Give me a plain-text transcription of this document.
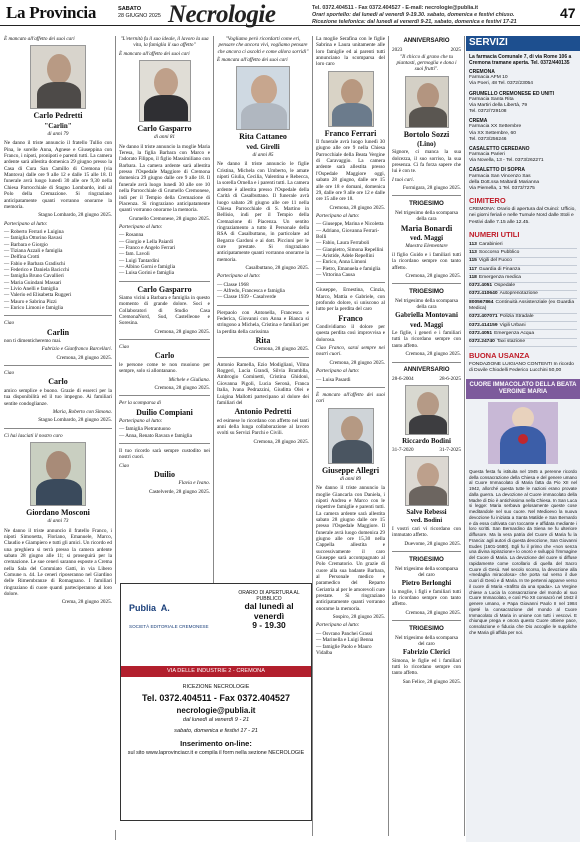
La Provincia	SABATO
28 GIUGNO 2025 Necrologie	Tel. 0372.404511 - Fax 0372.404527 - E-mail: necrologie@publia.it
Orari sportello: dal lunedì al venerdì 9-19.30. sabato, domenica e festivi chiuso.
Ricezione telefonica: dal lunedì al venerdì 9-21, sabato, domenica e festivi 17-21
47

È mancato all'affetto dei suoi cari

Carlo Pedretti
"Carlin"
di anni 79

Ne danno il triste annuncio il fratello Tullio con Pina, le sorelle Anna, Agnese e Giuseppina con Franco, i nipoti, pronipoti e parenti tutti. La camera ardente sarà allestita domenica 29 giugno presso la Casa di Cura San Camillo di Cremona (via Mantova) dalle ore 9 alle 12 e dalle 15 alle 18. Il funerale avrà luogo lunedì 30 alle ore 9,30 nella Chiesa Parrocchiale di Stagno Lombardo, indi al Polo della Cremazione. Si ringraziano anticipatamente quanti vorranno onorarne la memoria.

Stagno Lombardo, 28 giugno 2025.

Partecipano al lutto:

— Roberto Ferrari e Luigina
— famiglia Ottorino Ravasi
— Barbara e Giorgio
— Tiziana Azzali e famiglia
— Delfina Crotti
— Fabio e Barbara Gradischi
— Federico e Daniela Bacicchi
— famiglia Bruno Cavallieri
— Maria Guindani Massari
— Livio Anelli e famiglia
— Valerio ed Elisabetta Ruggeri
— Mauro e Sabrina Pizzi
— Enrico Limoni e famiglia

Ciao

Carlin

non ti dimenticheremo mai.

Fabrizio e Gianfranco Barcellari.

Cremona, 28 giugno 2025.

Ciao

Carlo

amico semplice e buono. Grazie di esserci per la tua disponibilità ed il tuo impegno. Ai familiari sentite condoglianze.

Maria, Roberto con Simona.

Stagno Lombardo, 28 giugno 2025.

Ci hai lasciati il nostro caro

Giordano Mosconi
di anni 73

Ne danno il triste annuncio il fratello Franco, i nipoti Simonetta, Floriano, Emanuele, Marco, Claudio e Giampiero e tutti gli amici. Un ricordo ed una preghiera si terrà presso la camera ardente sabato 28 giugno alle 11; si proseguirà per la cremazione. Le sue ceneri saranno esposte a Crema nella Sala del Commiato Gatti, in via Libero Comune n. 44. Le ceneri riposeranno nel Giardino delle Rimembranze di Romagnano. I familiari ringraziano di cuore quanti parteciperanno al loro dolore.

Crema, 28 giugno 2025.

"L'eternità fu il suo ideale, il lavoro la sua vita, la famiglia il suo affetto"

È mancato all'affetto dei suoi cari

Carlo Gasparro
di anni 81

Ne danno il triste annuncio la moglie Maria Teresa, la figlia Barbara con Marco e l'adorato Filippo, il figlio Massimiliano con Barbara. La camera ardente sarà allestita presso l'Ospedale Maggiore di Cremona domenica 29 giugno dalle ore 9 alle 18. Il funerale avrà luogo lunedì 30 alle ore 10 nella Parrocchiale di Grumello Cremonese, indi per il Tempio della Cremazione di Piacenza. Si ringraziano anticipatamente quanti vorranno onorarne la memoria.

Grumello Cremonese, 28 giugno 2025.

Partecipano al lutto:

— Rosanna
— Giorgio e Lella Paiardi
— Franco e Angelo Ferrari
— fam. Lavoli
— Luigi Tantardini
— Albino Gorni e famiglia
— Luisa Gorini e famiglia
Carlo Gasparro

Siamo vicini a Barbara e famiglia in questo momento di grande dolore. Soci e Collaboratori di Studio Casa CremonaNord, Sud, Castelleone e Soresina.

Cremona, 28 giugno 2025.

Ciao

Carlo

le persone come te non muoiono per sempre, solo si allontanano.

Michele e Giuliana.

Cremona, 28 giugno 2025.

Per la scomparsa di

Duilio Compiani

Partecipano al lutto:

— famiglia Pietrantuono
— Anna, Renato Ravara e famiglia

Il tuo ricordo sarà sempre custodito nei nostri cuori.

Ciao

Duilio

Flavia e Ivano.

Castelverde, 28 giugno 2025.

"Vogliamo però ricordarti come eri, pensare che ancora vivi, vogliamo pensare che ancora ci ascolti e come allora sorridi"

È mancata all'affetto dei suoi cari

Rita Cattaneo
ved. Girelli
di anni 85

Ne danno il triste annuncio le figlie Cristina, Michela con Umberto, le amate nipoti Giulia, Cecilia, Valentina e Rebecca, la sorella Ornella e i parenti tutti. La camera ardente è allestita presso l'Ospedale della Carità di Casalbuttano. Il funerale avrà luogo sabato 28 giugno alle ore 11 nella Chiesa Parrocchiale di S. Martino in Bellisio, indi per il Tempio della Cremazione di Piacenza. Un sentito ringraziamento a tutto il Personale della RSA di Casalbuttano, in particolare ad Begarzo Gardoni e ai dott. Piccinni per le cure prestate. Si ringraziano anticipatamente quanti vorranno onorarne la memoria.

Casalbuttano, 28 giugno 2025.

Partecipano al lutto:

— Classe 1968
— Alfredo, Francesca e famiglia
— Classe 1939 - Casalverde

Pierpaolo con Antonella, Francesca e Federica, Giovanni con Anna e Bianca si stringono a Michela, Cristina e familiari per la perdita della carissima

Rita

Cremona, 28 giugno 2025.

Antonio Ramella, Ezio Modigliani, Vilma Roggeri, Lucia Grandi, Silvia Bramblla, Ambrogio Cominetti, Cristina Ghidoni, Giovanna Pigoli, Lucia Seronà, Franca Italia, Ivana Pedrazzini, Giuditta Olei e Luigina Mallotti partecipano al dolore dei familiari del

Antonio Pedretti

ed esimese lo ricordano con affetto nei tanti anni della lunga collaborazione al lavoro svolti su Servizi Parchi e Civili.

Cremona, 28 giugno 2025.

Publia A.
SOCIETÀ EDITORIALE CREMONESE
ORARIO DI APERTURA AL PUBBLICO
dal lunedì al venerdì
9 - 19.30
VIA DELLE INDUSTRIE 2 - CREMONA
RICEZIONE NECROLOGIE
Tel. 0372.404511 - Fax 0372.404527
necrologie@publia.it
dal lunedì al venerdì 9 - 21
sabato, domenica e festivi 17 - 21
Inserimento on-line:
sul sito www.laprovinciacr.it e compila il form nella sezione NECROLOGIE

La moglie Serafina con le figlie Sabrina e Laura unitamente alle loro famiglie ed ai parenti tutti annunciano la scomparsa del loro caro

Franco Ferrari

Il funerale avrà luogo lunedì 30 giugno alle ore 9 nella Chiesa Parrocchiale della Beata Vergine di Caravaggio. La camera ardente sarà allestita presso l'Ospedale Maggiore oggi, sabato 28 giugno, dalle ore 15 alle ore 18 e domani, domenica 29, dalle ore 9 alle ore 12 e dalle ore 15 alle ore 18.

Cremona, 28 giugno 2025.

Partecipano al lutto:

— Giuseppe, Marina e Nicoletta
— Adriano, Giovanna Ferrari-Bolli
— Fabio, Laura Ferraboli
— Gianpietro, Simona Repellini
— Aristide, Adele Repellini
— Enrico, Anna Limoni
— Pietro, Emanuela e famiglia
— Vittorina Causa

Giuseppe, Ernestina, Cinzia, Marco, Mattia e Gabriele, con profondo dolore, si uniscono al lutto per la perdita del caro

Franco

Condividiamo il dolore per questa perdita così improvvisa e dolorosa.

Ciao Franco, sarai sempre nei nostri cuori.

Cremona, 28 giugno 2025.

Partecipano al lutto:

— Luisa Pasardi

È mancato all'affetto dei suoi cari

Giuseppe Allegri
di anni 89

Ne danno il triste annuncio la moglie Giancarla con Daniela, i nipoti Andrea e Marco con le rispettive famiglie e parenti tutti. La camera ardente sarà allestita sabato 28 giugno dalle ore 15 presso l'Ospedale Maggiore. Il funerale avrà luogo domenica 29 giugno alle ore 15,30 nella Cappella allestita e successivamente il caro Giuseppe sarà accompagnato al Polo Crematorio. Un grazie di cuore alla sua badante Barbara, al Personale medico e paramedico del Reparto Geriatria al per le amorevoli cure prestate. Si ringraziano anticipatamente quanti vorranno onorarne la memoria.

Sospiro, 28 giugno 2025.

Partecipano al lutto:

— Osvrano Panchei Grassi
— Marinella e Luigi Benna
— famiglie Paolo e Mauro Vidalba
ANNIVERSARIO
2023	2025

"Il chicco di grano che tu piantasti, germoglia e dona i suoi frutti".

Bortolo Sozzi
(Lino)

Signore, ci manca la sua dolcezza, il suo sorriso, la sua presenza. Ci fa forza sapere che lui è con te.

I tuoi cari.

Formigara, 28 giugno 2025.

TRIGESIMO

Nel trigesimo della scomparsa della cara

Maria Bonardi
ved. Maggi

Maestra Elementare

il figlio Guido e i familiari tutti la ricordano sempre con tanto affetto.

Cremona, 28 giugno 2025.

TRIGESIMO

Nel trigesimo della scomparsa della cara

Gabriella Montovani
ved. Maggi

Le figlie, i generi e i familiari tutti la ricordano sempre con tanto affetto.

Cremona, 28 giugno 2025.

ANNIVERSARIO
28-6-2004	28-6-2025
Riccardo Bodini
31-7-2020	31-7-2025
Salve Rebessi
ved. Bodini

I vostri cari vi ricordano con immutato affetto.

Duevome, 28 giugno 2025.

TRIGESIMO

Nel trigesimo della scomparsa del caro

Pietro Berlonghi

la moglie, i figli e familiari tutti lo ricordano sempre con tanto affetto.

Cremona, 28 giugno 2025.

TRIGESIMO

Nel trigesimo della scomparsa del caro

Fabrizio Clerici

Simona, le figlie ed i familiari tutti lo ricordano sempre con tanto affetto.

San Felice, 28 giugno 2025.

SERVIZI
La farmacia Comunale 7, di via Rome 106 a Cremona tramane aperta. Tel. 0372/440135
CREMONA
Farmacia AFM 10
Via Poeri, 48 Tel. 0372/23054
GRUMELLO CREMONESE ED UNITI
Farmacia Santa Rita
Via Martiri della Libertà, 79
Tel. 0372/729108
CREMA
Farmacia XX Settembre
Via XX Settembre, 60
Tel. 0373/256246
CASALETTO CEREDANO
Farmacia Parieri
Via Novella, 13 - Tel. 0373/262271
CASALETTO DI SOPRA
Farmacia San Vincenzo Sas
della Dott.ssa Maltardi Marianna
Via Piemella, 1 Tel. 0373/7275
CIMITERO
CREMONA: Orario di apertura dal Ouinci: Ufficio, nei giorni feriali e nelle Tumule Nord dalle Stoli e Festivi dalle 7.15 alle 12.45.
NUMERI UTILI
113 Carabinieri
113 Soccorso Pubblico
115 Vigili del Fuoco
117 Guardia di Finanza
118 Emergenza medica
0372.4051 Ospedale
0372.410640 Autoprenotazione
800567864 Continuità Assistenziale (ex Guardia Medica)
0372.407071 Polizia Stradale
0372.414159 Vigili Urbani
0372.4051 Emergenza Acqua
0372.24740 Taxi stazione
BUONA USANZA
FONDAZIONE LUIGIANO CONTENTI In ricordo di Duvile Chiodelli Federico Lucchini 50,00
CUORE IMMACOLATO DELLA BEATA VERGINE MARIA
Questa festa fu istituita nel 1945 a perenne ricordo della consacrazione della Chiesa e del genere umano al Cuore Immacolato di Maria fatta da Pio XII nel 1942, allorché questa tutte le nazioni erano provate dalla guerra. La devozione al Cuore immacolato della Madre di Dio è antichissima nella Chiesa. In San Luca si legge: Maria serbava gelosamente queste cose meditandole nel suo cuore. Nel Medioevo la nuova devozione fu iniziata a Santa Matilde e San Bernardo e da essa coltivata con toccante e affidata mediante i loro scritti. San Bernardino da Siena ne fu ulteriore diffusore. Ma la vera patria del Cuore di Maria fu la Francia: agli autori di questa devozione, San Giovanni Eudes (1601-1680). Egli fu il primo che «non senza una divina ispirazione» lo onorò e sviluppò l'immagine del Cuore di Maria. La devozione del cuore si diffuse rapidamente come corollario di quella del Sacro Cuore di Gesù. Nel secolo scorso, la devozione alla «medaglia miracolosa» che porta sul verso il due cuori di Gesù e di Maria. In tre pertenni apparve verso il cuore di Maria «trafitto da una spada». La Vergine chiese a Lucia la consacrazione del mondo al suo Cuore Immacolato, e così Pio XII consacrò nel 1942 il genere umano, e Papa Giovanni Paolo II nel 1984 ripeté la consacrazione del mondo al Cuore Immacolato di Maria in unione con tutti i vescovi. E chiunque prega e onora questo Cuore ottiene pace, consolazione e fiducia che Dio accoglie le suppliche che Maria gli affida per noi.
